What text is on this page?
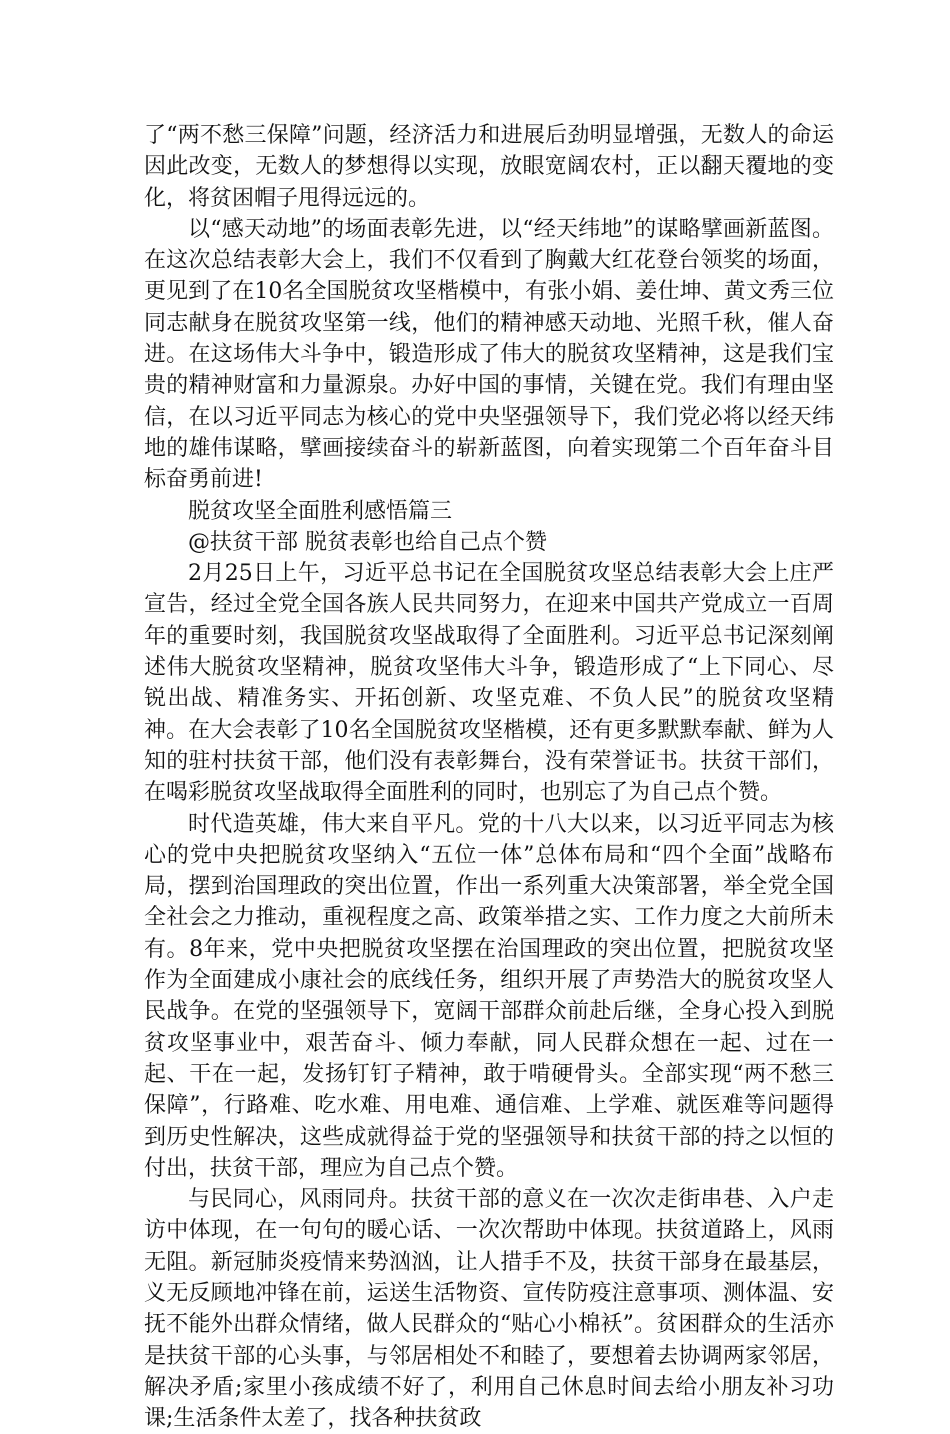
了“两不愁三保障”问题，经济活力和进展后劲明显增强，无数人的命运因此改变，无数人的梦想得以实现，放眼宽阔农村，正以翻天覆地的变化，将贫困帽子甩得远远的。

以“感天动地”的场面表彰先进，以“经天纬地”的谋略擘画新蓝图。在这次总结表彰大会上，我们不仅看到了胸戴大红花登台领奖的场面，更见到了在10名全国脱贫攻坚楷模中，有张小娟、姜仕坤、黄文秀三位同志献身在脱贫攻坚第一线，他们的精神感天动地、光照千秋，催人奋进。在这场伟大斗争中，锻造形成了伟大的脱贫攻坚精神，这是我们宝贵的精神财富和力量源泉。办好中国的事情，关键在党。我们有理由坚信，在以习近平同志为核心的党中央坚强领导下，我们党必将以经天纬地的雄伟谋略，擘画接续奋斗的崭新蓝图，向着实现第二个百年奋斗目标奋勇前进!

脱贫攻坚全面胜利感悟篇三

@扶贫干部 脱贫表彰也给自己点个赞

2月25日上午，习近平总书记在全国脱贫攻坚总结表彰大会上庄严宣告，经过全党全国各族人民共同努力，在迎来中国共产党成立一百周年的重要时刻，我国脱贫攻坚战取得了全面胜利。习近平总书记深刻阐述伟大脱贫攻坚精神，脱贫攻坚伟大斗争，锻造形成了“上下同心、尽锐出战、精准务实、开拓创新、攻坚克难、不负人民”的脱贫攻坚精神。在大会表彰了10名全国脱贫攻坚楷模，还有更多默默奉献、鲜为人知的驻村扶贫干部，他们没有表彰舞台，没有荣誉证书。扶贫干部们，在喝彩脱贫攻坚战取得全面胜利的同时，也别忘了为自己点个赞。

时代造英雄，伟大来自平凡。党的十八大以来，以习近平同志为核心的党中央把脱贫攻坚纳入“五位一体”总体布局和“四个全面”战略布局，摆到治国理政的突出位置，作出一系列重大决策部署，举全党全国全社会之力推动，重视程度之高、政策举措之实、工作力度之大前所未有。8年来，党中央把脱贫攻坚摆在治国理政的突出位置，把脱贫攻坚作为全面建成小康社会的底线任务，组织开展了声势浩大的脱贫攻坚人民战争。在党的坚强领导下，宽阔干部群众前赴后继，全身心投入到脱贫攻坚事业中，艰苦奋斗、倾力奉献，同人民群众想在一起、过在一起、干在一起，发扬钉钉子精神，敢于啃硬骨头。全部实现“两不愁三保障”，行路难、吃水难、用电难、通信难、上学难、就医难等问题得到历史性解决，这些成就得益于党的坚强领导和扶贫干部的持之以恒的付出，扶贫干部，理应为自己点个赞。

与民同心，风雨同舟。扶贫干部的意义在一次次走街串巷、入户走访中体现，在一句句的暖心话、一次次帮助中体现。扶贫道路上，风雨无阻。新冠肺炎疫情来势汹汹，让人措手不及，扶贫干部身在最基层，义无反顾地冲锋在前，运送生活物资、宣传防疫注意事项、测体温、安抚不能外出群众情绪，做人民群众的“贴心小棉袄”。贫困群众的生活亦是扶贫干部的心头事，与邻居相处不和睦了，要想着去协调两家邻居，解决矛盾;家里小孩成绩不好了，利用自己休息时间去给小朋友补习功课;生活条件太差了，找各种扶贫政
